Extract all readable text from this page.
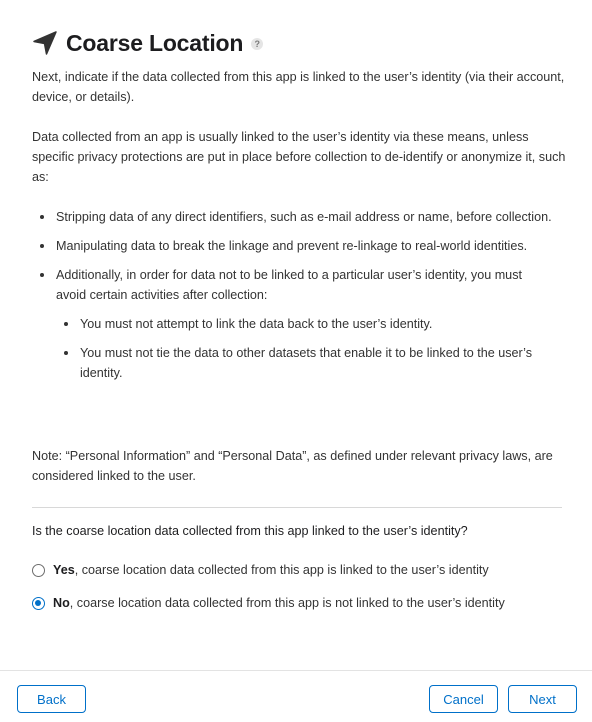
Coarse Location	?

Next, indicate if the data collected from this app is linked to the user’s identity (via their account, device, or details).

Data collected from an app is usually linked to the user’s identity via these means, unless specific privacy protections are put in place before collection to de-identify or anonymize it, such as:

Stripping data of any direct identifiers, such as e-mail address or name, before collection.
Manipulating data to break the linkage and prevent re-linkage to real-world identities.
Additionally, in order for data not to be linked to a particular user’s identity, you must avoid certain activities after collection:
You must not attempt to link the data back to the user’s identity.
You must not tie the data to other datasets that enable it to be linked to the user’s identity.

Note: “Personal Information” and “Personal Data”, as defined under relevant privacy laws, are considered linked to the user.

Is the coarse location data collected from this app linked to the user’s identity?
Yes , coarse location data collected from this app is linked to the user’s identity
No , coarse location data collected from this app is not linked to the user’s identity
Back	Cancel	Next
